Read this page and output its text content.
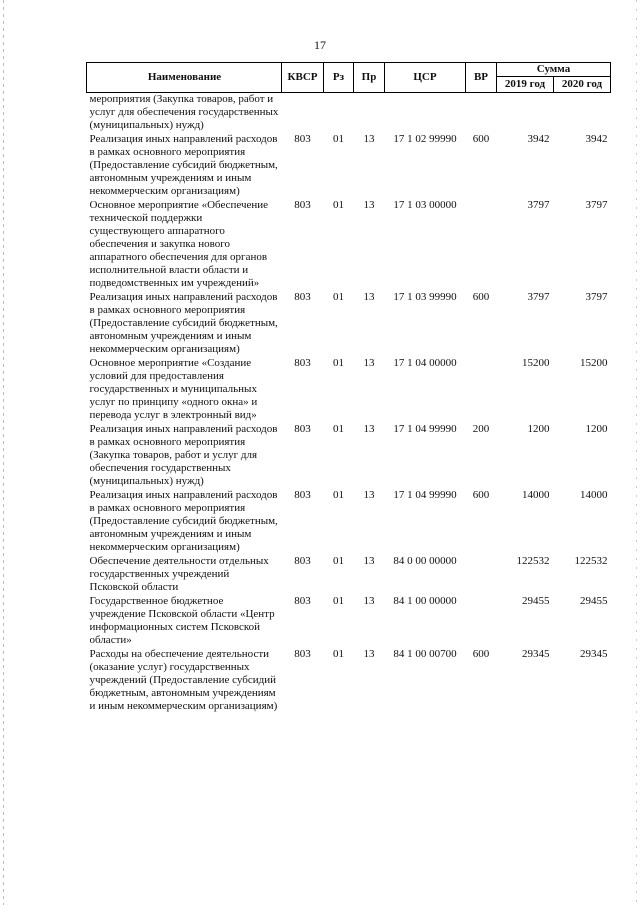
17
Наименование	КВСР	Рз	Пр	ЦСР	ВР	Сумма	
						2019 год	2020 год
мероприятия (Закупка товаров, работ и услуг для обеспечения государственных (муниципальных) нужд)							
Реализация иных направлений расходов в рамках основного мероприятия (Предоставление субсидий бюджетным, автономным учреждениям и иным некоммерческим организациям)	803	01	13	17 1 02 99990	600	3942	3942
Основное мероприятие «Обеспечение технической поддержки существующего аппаратного обеспечения и закупка нового аппаратного обеспечения для органов исполнительной власти области и подведомственных им учреждений»	803	01	13	17 1 03 00000		3797	3797
Реализация иных направлений расходов в рамках основного мероприятия (Предоставление субсидий бюджетным, автономным учреждениям и иным некоммерческим организациям)	803	01	13	17 1 03 99990	600	3797	3797
Основное мероприятие «Создание условий для предоставления государственных и муниципальных услуг по принципу «одного окна» и перевода услуг в электронный вид»	803	01	13	17 1 04 00000		15200	15200
Реализация иных направлений расходов в рамках основного мероприятия (Закупка товаров, работ и услуг для обеспечения государственных (муниципальных) нужд)	803	01	13	17 1 04 99990	200	1200	1200
Реализация иных направлений расходов в рамках основного мероприятия (Предоставление субсидий бюджетным, автономным учреждениям и иным некоммерческим организациям)	803	01	13	17 1 04 99990	600	14000	14000
Обеспечение деятельности отдельных государственных учреждений Псковской области	803	01	13	84 0 00 00000		122532	122532
Государственное бюджетное учреждение Псковской области «Центр информационных систем Псковской области»	803	01	13	84 1 00 00000		29455	29455
Расходы на обеспечение деятельности (оказание услуг) государственных учреждений (Предоставление субсидий бюджетным, автономным учреждениям и иным некоммерческим организациям)	803	01	13	84 1 00 00700	600	29345	29345
